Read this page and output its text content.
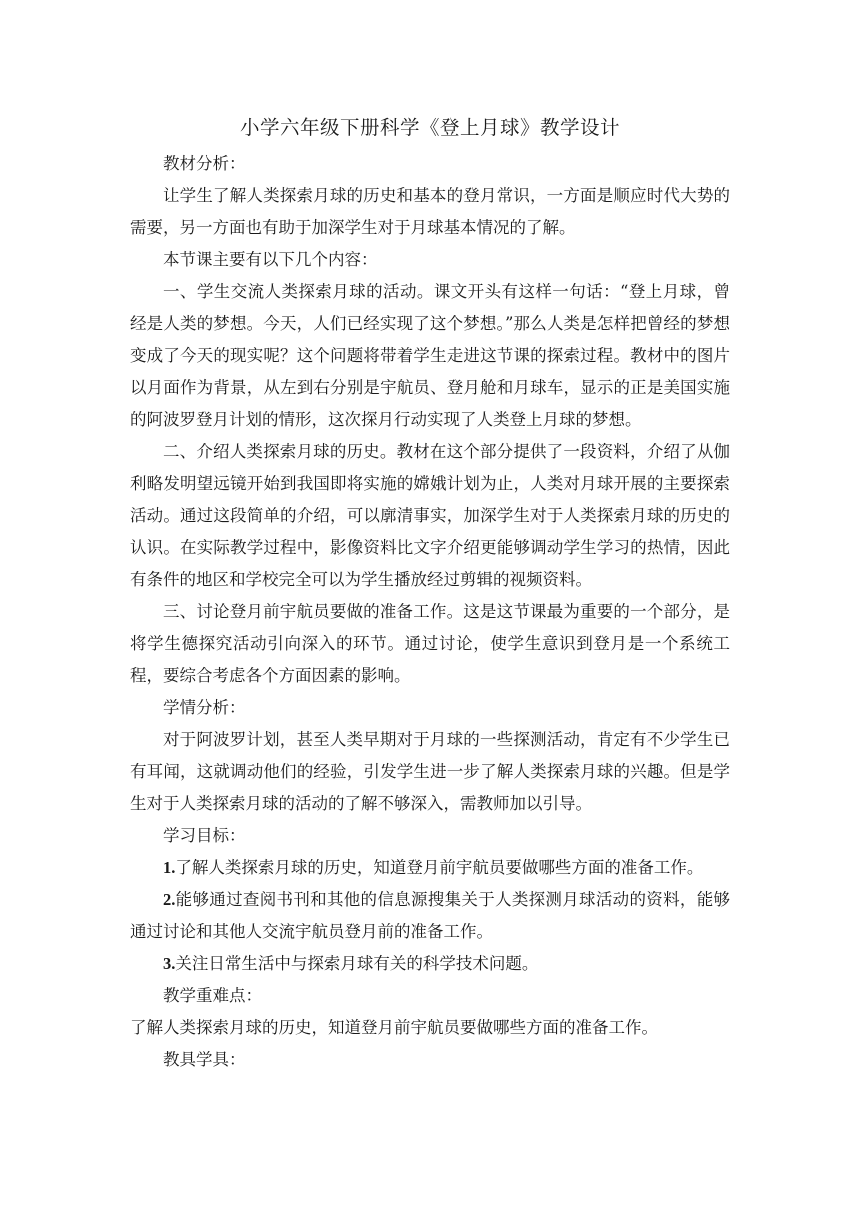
小学六年级下册科学《登上月球》教学设计

教材分析：

让学生了解人类探索月球的历史和基本的登月常识，一方面是顺应时代大势的需要，另一方面也有助于加深学生对于月球基本情况的了解。

本节课主要有以下几个内容：

一、学生交流人类探索月球的活动。课文开头有这样一句话：“登上月球，曾经是人类的梦想。今天，人们已经实现了这个梦想。”那么人类是怎样把曾经的梦想变成了今天的现实呢？这个问题将带着学生走进这节课的探索过程。教材中的图片以月面作为背景，从左到右分别是宇航员、登月舱和月球车，显示的正是美国实施的阿波罗登月计划的情形，这次探月行动实现了人类登上月球的梦想。

二、介绍人类探索月球的历史。教材在这个部分提供了一段资料，介绍了从伽利略发明望远镜开始到我国即将实施的嫦娥计划为止，人类对月球开展的主要探索活动。通过这段简单的介绍，可以廓清事实，加深学生对于人类探索月球的历史的认识。在实际教学过程中，影像资料比文字介绍更能够调动学生学习的热情，因此有条件的地区和学校完全可以为学生播放经过剪辑的视频资料。

三、讨论登月前宇航员要做的准备工作。这是这节课最为重要的一个部分，是将学生德探究活动引向深入的环节。通过讨论，使学生意识到登月是一个系统工程，要综合考虑各个方面因素的影响。

学情分析：

对于阿波罗计划，甚至人类早期对于月球的一些探测活动，肯定有不少学生已有耳闻，这就调动他们的经验，引发学生进一步了解人类探索月球的兴趣。但是学生对于人类探索月球的活动的了解不够深入，需教师加以引导。

学习目标：

1.了解人类探索月球的历史，知道登月前宇航员要做哪些方面的准备工作。

2.能够通过查阅书刊和其他的信息源搜集关于人类探测月球活动的资料，能够通过讨论和其他人交流宇航员登月前的准备工作。

3.关注日常生活中与探索月球有关的科学技术问题。

教学重难点：

了解人类探索月球的历史，知道登月前宇航员要做哪些方面的准备工作。

教具学具：
